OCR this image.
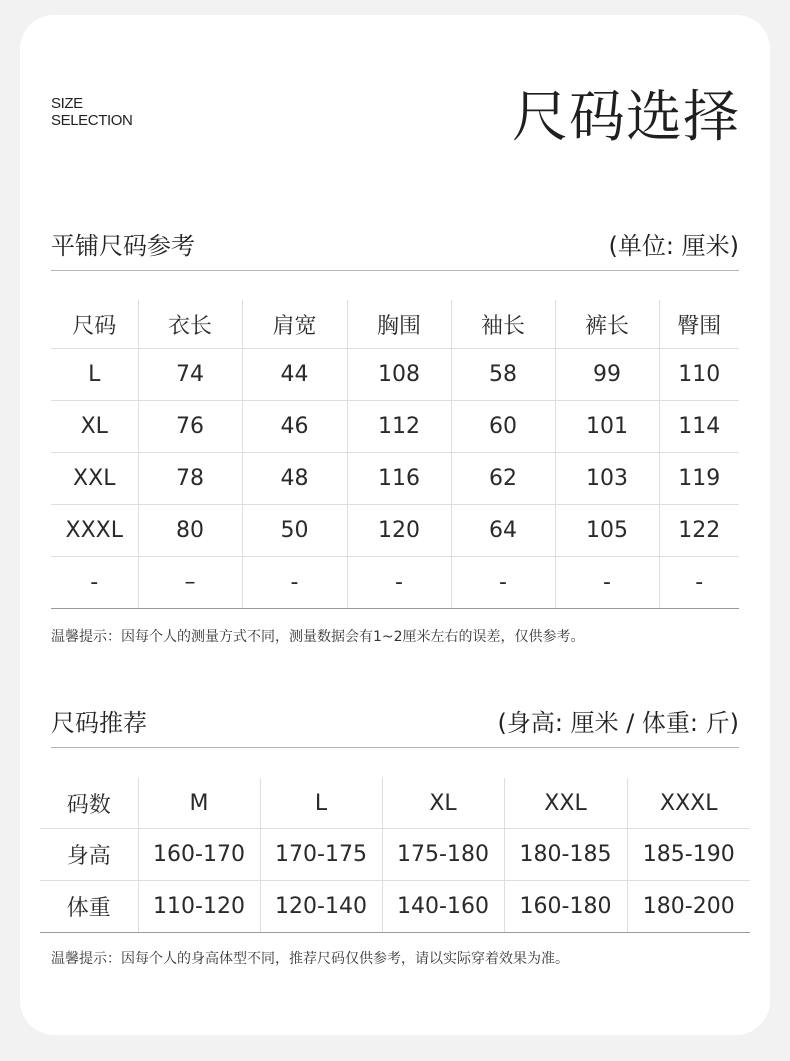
SIZE
SELECTION	尺码选择
平铺尺码参考	(单位: 厘米)
尺码	衣长	肩宽	胸围	袖长	裤长	臀围
L	74	44	108	58	99	110
XL	76	46	112	60	101	114
XXL	78	48	116	62	103	119
XXXL	80	50	120	64	105	122
-	–	-	-	-	-	-
温馨提示：因每个人的测量方式不同，测量数据会有1~2厘米左右的误差，仅供参考。
尺码推荐	(身高: 厘米 / 体重: 斤)
码数	M	L	XL	XXL	XXXL
身高	160-170	170-175	175-180	180-185	185-190
体重	110-120	120-140	140-160	160-180	180-200
温馨提示：因每个人的身高体型不同，推荐尺码仅供参考，请以实际穿着效果为准。
